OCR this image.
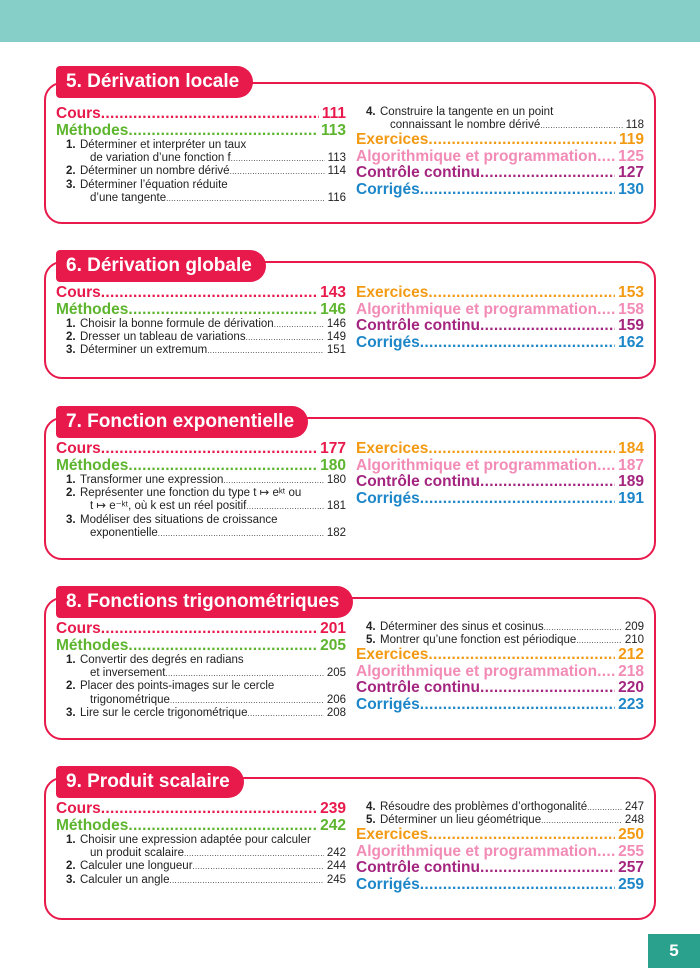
5. Dérivation locale
Cours .....	111
Méthodes .....	113
1. Déterminer et interpréter un taux
de variation d’une fonction f .....	113
2. Déterminer un nombre dérivé .....	114
3. Déterminer l’équation réduite
d’une tangente .....	116
4. Construire la tangente en un point
connaissant le nombre dérivé .....	118
Exercices .....	119
Algorithmique et programmation ..... 125
Contrôle continu .....	127
Corrigés .....	130
6. Dérivation globale
Cours .....	143
Méthodes .....	146
1. Choisir la bonne formule de dérivation .....	146
2. Dresser un tableau de variations .....	149
3. Déterminer un extremum .....	151
Exercices .....	153
Algorithmique et programmation ..... 158
Contrôle continu .....	159
Corrigés .....	162
7. Fonction exponentielle
Cours .....	177
Méthodes .....	180
1. Transformer une expression .....	180
2. Représenter une fonction du type t ↦ eᵏᵗ ou
t ↦ e⁻ᵏᵗ, où k est un réel positif .....	181
3. Modéliser des situations de croissance
exponentielle .....	182
Exercices .....	184
Algorithmique et programmation ..... 187
Contrôle continu .....	189
Corrigés .....	191
8. Fonctions trigonométriques
Cours .....	201
Méthodes .....	205
1. Convertir des degrés en radians
et inversement .....	205
2. Placer des points-images sur le cercle
trigonométrique .....	206
3. Lire sur le cercle trigonométrique .....	208
4. Déterminer des sinus et cosinus .....	209
5. Montrer qu’une fonction est périodique .....	210
Exercices .....	212
Algorithmique et programmation ..... 218
Contrôle continu .....	220
Corrigés .....	223
9. Produit scalaire
Cours .....	239
Méthodes .....	242
1. Choisir une expression adaptée pour calculer
un produit scalaire .....	242
2. Calculer une longueur .....	244
3. Calculer un angle .....	245
4. Résoudre des problèmes d’orthogonalité .....	247
5. Déterminer un lieu géométrique .....	248
Exercices .....	250
Algorithmique et programmation ..... 255
Contrôle continu .....	257
Corrigés .....	259
5
